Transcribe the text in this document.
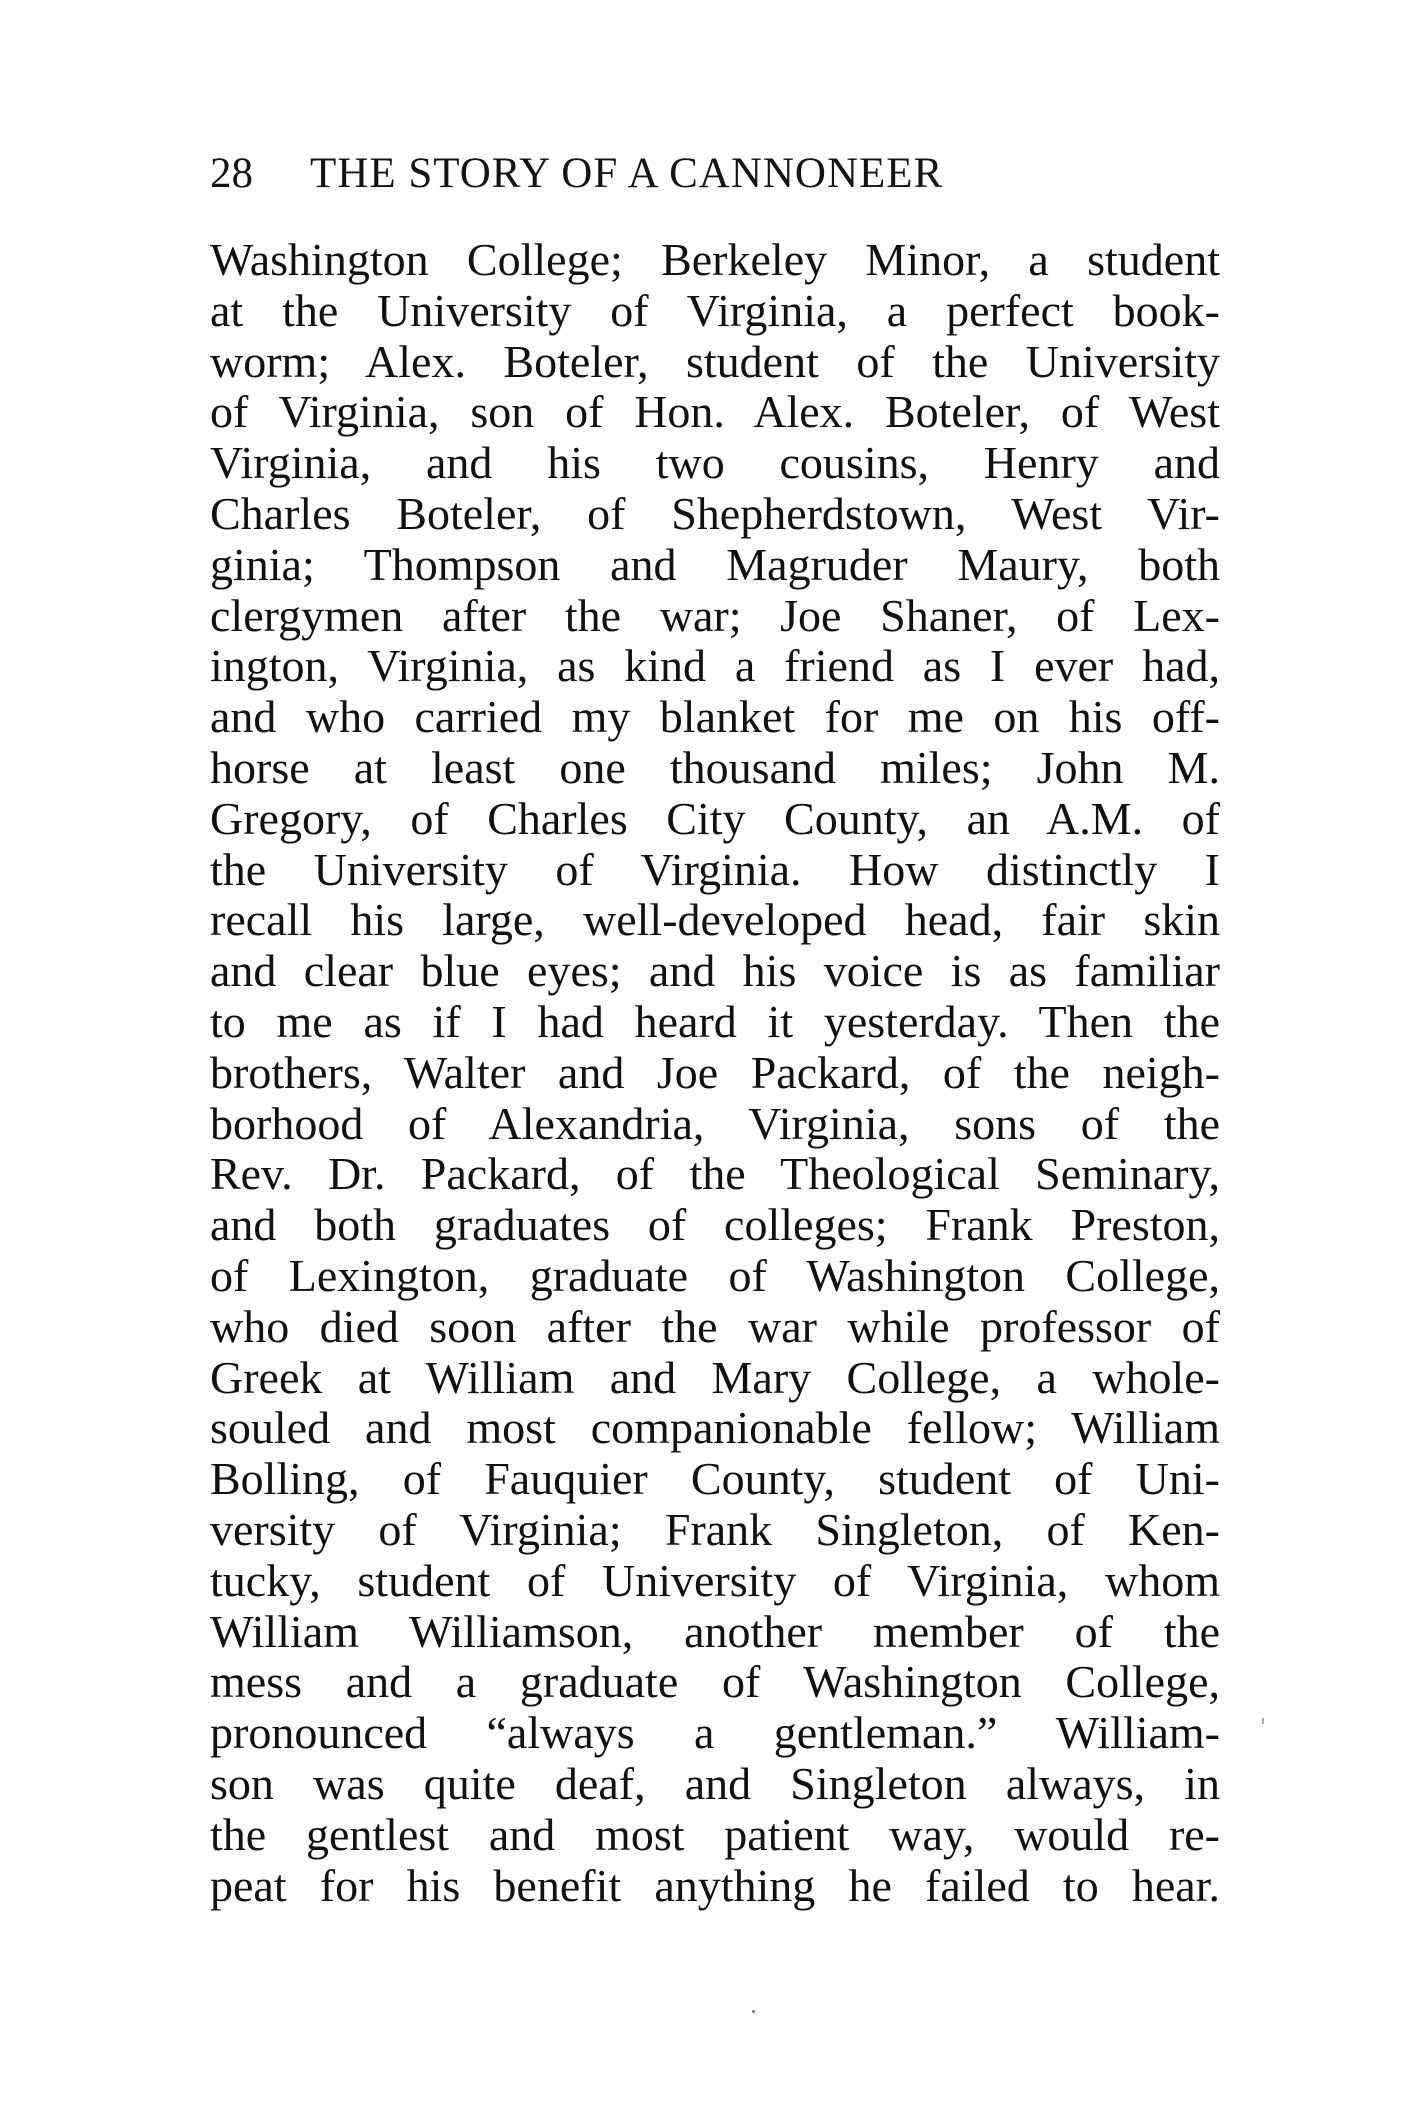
28 THE STORY OF A CANNONEER
Washington College; Berkeley Minor, a student
at the University of Virginia, a perfect book-
worm; Alex. Boteler, student of the University
of Virginia, son of Hon. Alex. Boteler, of West
Virginia, and his two cousins, Henry and
Charles Boteler, of Shepherdstown, West Vir-
ginia; Thompson and Magruder Maury, both
clergymen after the war; Joe Shaner, of Lex-
ington, Virginia, as kind a friend as I ever had,
and who carried my blanket for me on his off-
horse at least one thousand miles; John M.
Gregory, of Charles City County, an A.M. of
the University of Virginia. How distinctly I
recall his large, well-developed head, fair skin
and clear blue eyes; and his voice is as familiar
to me as if I had heard it yesterday. Then the
brothers, Walter and Joe Packard, of the neigh-
borhood of Alexandria, Virginia, sons of the
Rev. Dr. Packard, of the Theological Seminary,
and both graduates of colleges; Frank Preston,
of Lexington, graduate of Washington College,
who died soon after the war while professor of
Greek at William and Mary College, a whole-
souled and most companionable fellow; William
Bolling, of Fauquier County, student of Uni-
versity of Virginia; Frank Singleton, of Ken-
tucky, student of University of Virginia, whom
William Williamson, another member of the
mess and a graduate of Washington College,
pronounced “always a gentleman.” William-
son was quite deaf, and Singleton always, in
the gentlest and most patient way, would re-
peat for his benefit anything he failed to hear.
